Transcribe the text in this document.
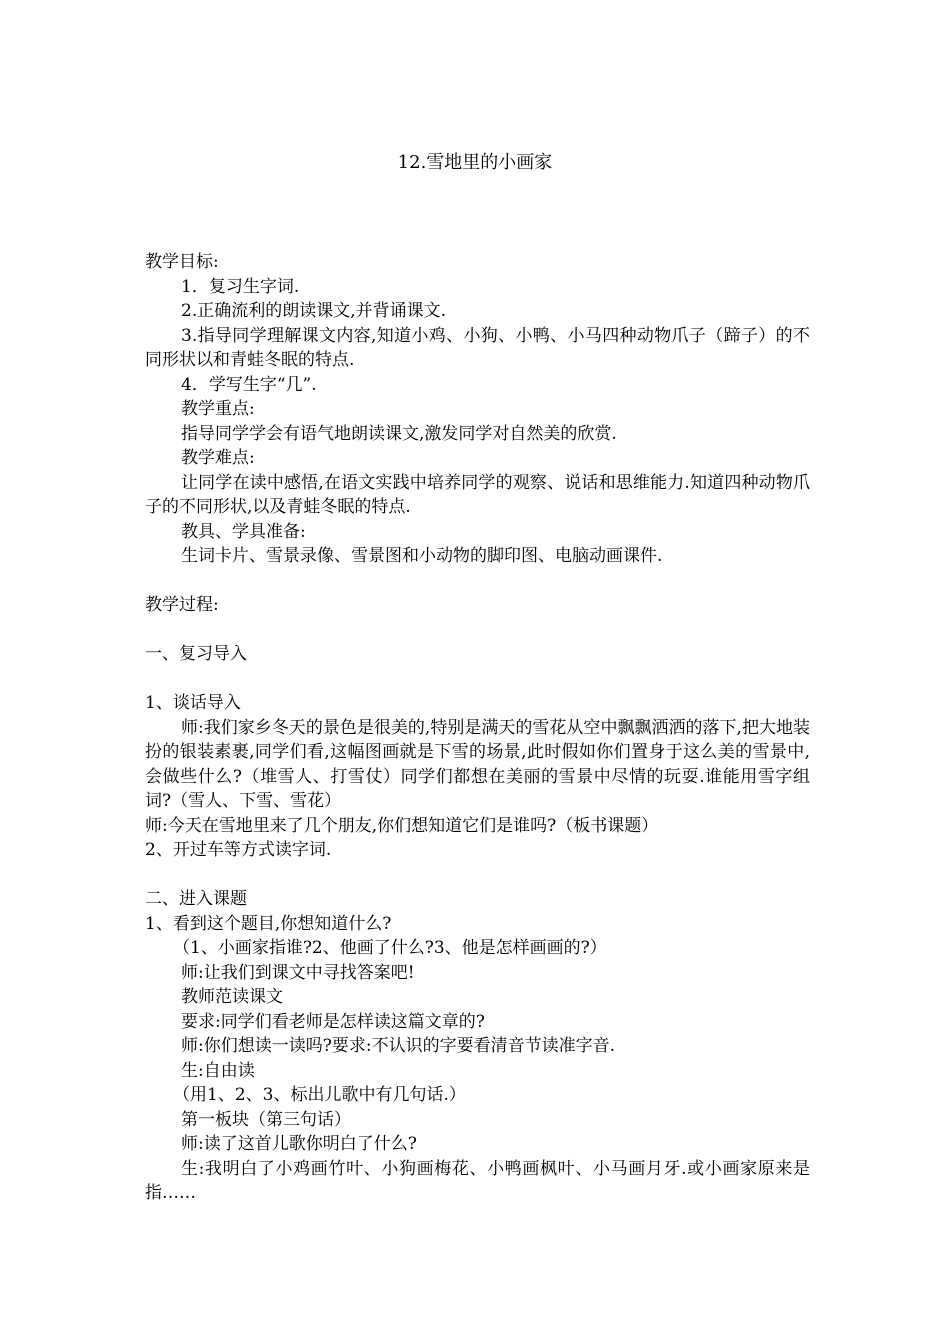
12.雪地里的小画家
教学目标:
1．复习生字词.
2.正确流利的朗读课文,并背诵课文.
3.指导同学理解课文内容,知道小鸡、小狗、小鸭、小马四种动物爪子（蹄子）的不同形状以和青蛙冬眠的特点.
4．学写生字“几”.
教学重点:
指导同学学会有语气地朗读课文,激发同学对自然美的欣赏.
教学难点:
让同学在读中感悟,在语文实践中培养同学的观察、说话和思维能力.知道四种动物爪子的不同形状,以及青蛙冬眠的特点.
教具、学具准备:
生词卡片、雪景录像、雪景图和小动物的脚印图、电脑动画课件.
教学过程:
一、复习导入
1、谈话导入
师:我们家乡冬天的景色是很美的,特别是满天的雪花从空中飘飘洒洒的落下,把大地装扮的银装素裹,同学们看,这幅图画就是下雪的场景,此时假如你们置身于这么美的雪景中,会做些什么?（堆雪人、打雪仗）同学们都想在美丽的雪景中尽情的玩耍.谁能用雪字组词?（雪人、下雪、雪花）
师:今天在雪地里来了几个朋友,你们想知道它们是谁吗?（板书课题）
2、开过车等方式读字词.
二、进入课题
1、看到这个题目,你想知道什么?
（1、小画家指谁?2、他画了什么?3、他是怎样画画的?）
师:让我们到课文中寻找答案吧!
教师范读课文
要求:同学们看老师是怎样读这篇文章的?
师:你们想读一读吗?要求:不认识的字要看清音节读准字音.
生:自由读
（用1、2、3、标出儿歌中有几句话.）
第一板块（第三句话）
师:读了这首儿歌你明白了什么?
生:我明白了小鸡画竹叶、小狗画梅花、小鸭画枫叶、小马画月牙.或小画家原来是指……
